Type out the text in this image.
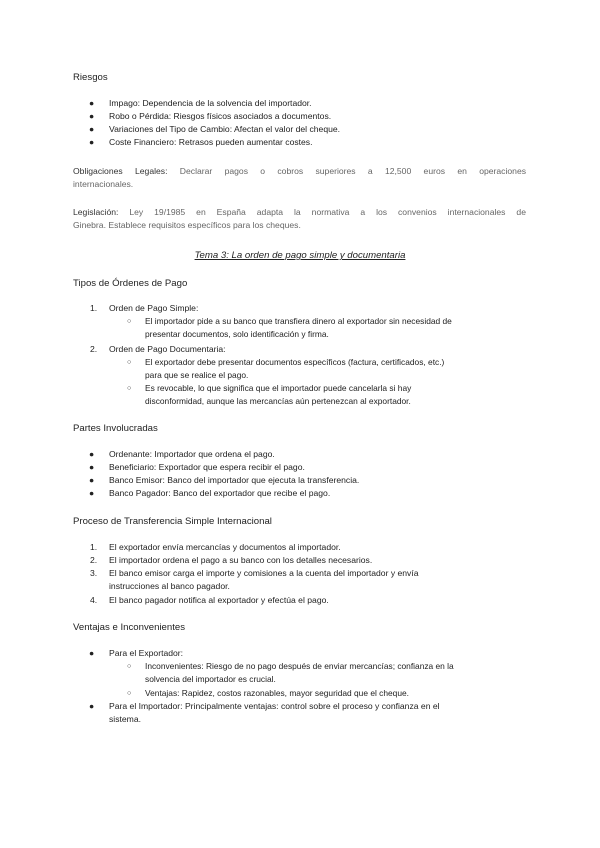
Riesgos
● Impago: Dependencia de la solvencia del importador.
● Robo o Pérdida: Riesgos físicos asociados a documentos.
● Variaciones del Tipo de Cambio: Afectan el valor del cheque.
● Coste Financiero: Retrasos pueden aumentar costes.
Obligaciones Legales: Declarar pagos o cobros superiores a 12,500 euros en operaciones
internacionales.
Legislación: Ley 19/1985 en España adapta la normativa a los convenios internacionales de
Ginebra. Establece requisitos específicos para los cheques.
Tema 3: La orden de pago simple y documentaria
Tipos de Órdenes de Pago
1. Orden de Pago Simple:
○ El importador pide a su banco que transfiera dinero al exportador sin necesidad de
presentar documentos, solo identificación y firma.
2. Orden de Pago Documentaria:
○ El exportador debe presentar documentos específicos (factura, certificados, etc.)
para que se realice el pago.
○ Es revocable, lo que significa que el importador puede cancelarla si hay
disconformidad, aunque las mercancías aún pertenezcan al exportador.
Partes Involucradas
● Ordenante: Importador que ordena el pago.
● Beneficiario: Exportador que espera recibir el pago.
● Banco Emisor: Banco del importador que ejecuta la transferencia.
● Banco Pagador: Banco del exportador que recibe el pago.
Proceso de Transferencia Simple Internacional
1. El exportador envía mercancías y documentos al importador.
2. El importador ordena el pago a su banco con los detalles necesarios.
3. El banco emisor carga el importe y comisiones a la cuenta del importador y envía
instrucciones al banco pagador.
4. El banco pagador notifica al exportador y efectúa el pago.
Ventajas e Inconvenientes
● Para el Exportador:
○ Inconvenientes: Riesgo de no pago después de enviar mercancías; confianza en la
solvencia del importador es crucial.
○ Ventajas: Rapidez, costos razonables, mayor seguridad que el cheque.
● Para el Importador: Principalmente ventajas: control sobre el proceso y confianza en el
sistema.
